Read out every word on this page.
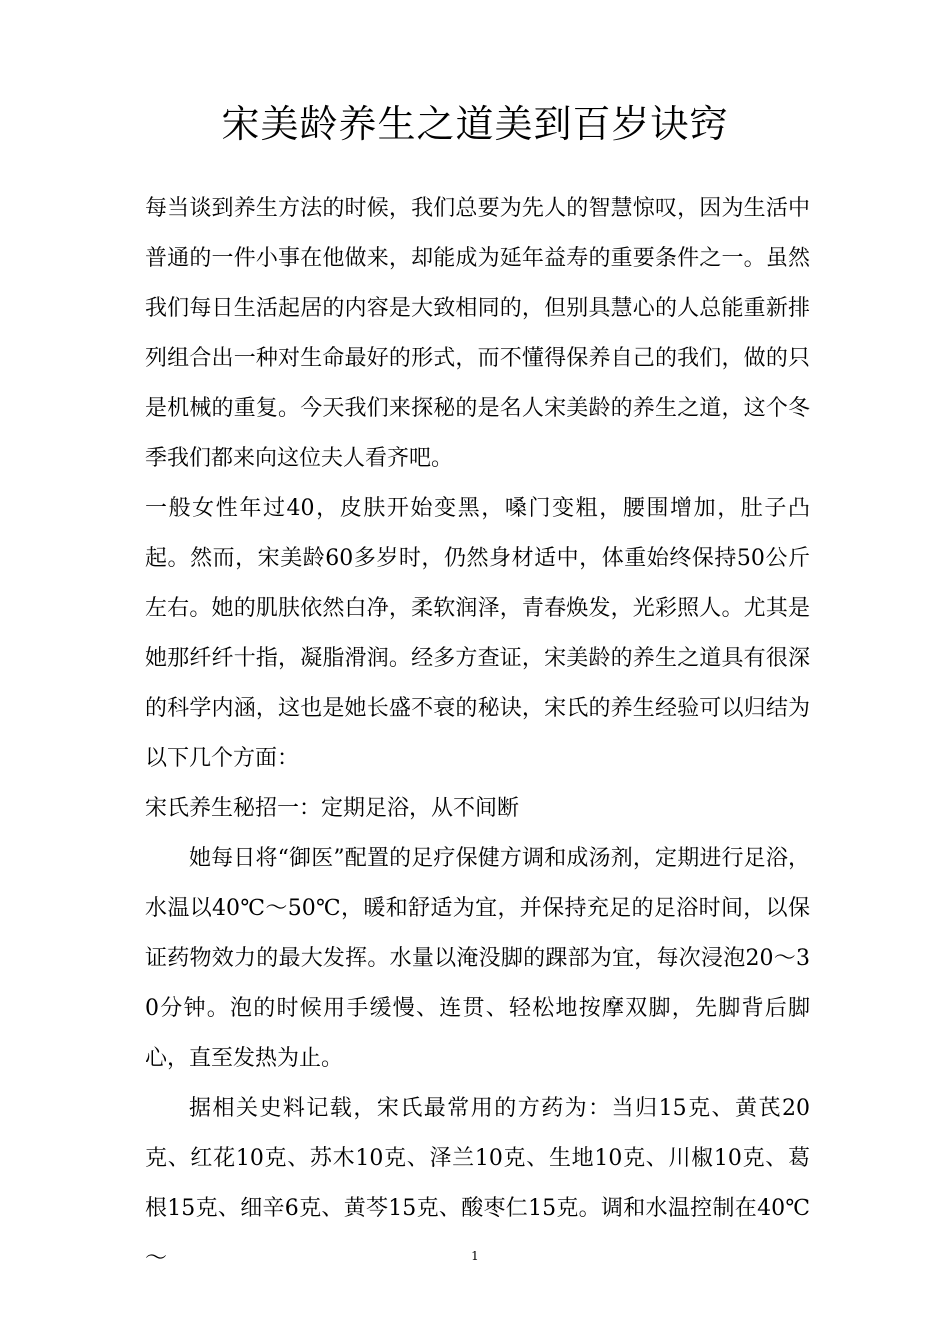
宋美龄养生之道美到百岁诀窍

每当谈到养生方法的时候，我们总要为先人的智慧惊叹，因为生活中普通的一件小事在他做来，却能成为延年益寿的重要条件之一。虽然我们每日生活起居的内容是大致相同的，但别具慧心的人总能重新排列组合出一种对生命最好的形式，而不懂得保养自己的我们，做的只是机械的重复。今天我们来探秘的是名人宋美龄的养生之道，这个冬季我们都来向这位夫人看齐吧。

一般女性年过40，皮肤开始变黑，嗓门变粗，腰围增加，肚子凸起。然而，宋美龄60多岁时，仍然身材适中，体重始终保持50公斤左右。她的肌肤依然白净，柔软润泽，青春焕发，光彩照人。尤其是她那纤纤十指，凝脂滑润。经多方查证，宋美龄的养生之道具有很深的科学内涵，这也是她长盛不衰的秘诀，宋氏的养生经验可以归结为以下几个方面：

宋氏养生秘招一：定期足浴，从不间断

她每日将“御医”配置的足疗保健方调和成汤剂，定期进行足浴，水温以40℃～50℃，暖和舒适为宜，并保持充足的足浴时间，以保证药物效力的最大发挥。水量以淹没脚的踝部为宜，每次浸泡20～30分钟。泡的时候用手缓慢、连贯、轻松地按摩双脚，先脚背后脚心，直至发热为止。

据相关史料记载，宋氏最常用的方药为：当归15克、黄芪20克、红花10克、苏木10克、泽兰10克、生地10克、川椒10克、葛根15克、细辛6克、黄芩15克、酸枣仁15克。调和水温控制在40℃～	1
